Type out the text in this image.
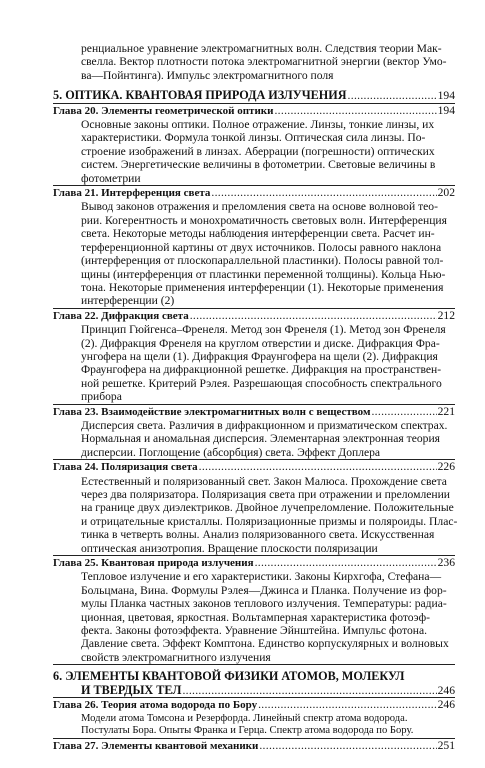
ренциальное уравнение электромагнитных волн. Следствия теории Мак-
свелла. Вектор плотности потока электромагнитной энергии (вектор Умо-
ва—Пойнтинга). Импульс электромагнитного поля
5. ОПТИКА. КВАНТОВАЯ ПРИРОДА ИЗЛУЧЕНИЯ .....	194
Глава 20. Элементы геометрической оптики .....	194
Основные законы оптики. Полное отражение. Линзы, тонкие линзы, их
характеристики. Формула тонкой линзы. Оптическая сила линзы. По-
строение изображений в линзах. Аберрации (погрешности) оптических
систем. Энергетические величины в фотометрии. Световые величины в
фотометрии
Глава 21. Интерференция света .....	202
Вывод законов отражения и преломления света на основе волновой тео-
рии. Когерентность и монохроматичность световых волн. Интерференция
света. Некоторые методы наблюдения интерференции света. Расчет ин-
терференционной картины от двух источников. Полосы равного наклона
(интерференция от плоскопараллельной пластинки). Полосы равной тол-
щины (интерференция от пластинки переменной толщины). Кольца Нью-
тона. Некоторые применения интерференции (1). Некоторые применения
интерференции (2)
Глава 22. Дифракция света .....	212
Принцип Гюйгенса–Френеля. Метод зон Френеля (1). Метод зон Френеля
(2). Дифракция Френеля на круглом отверстии и диске. Дифракция Фра-
унгофера на щели (1). Дифракция Фраунгофера на щели (2). Дифракция
Фраунгофера на дифракционной решетке. Дифракция на пространствен-
ной решетке. Критерий Рэлея. Разрешающая способность спектрального
прибора
Глава 23. Взаимодействие электромагнитных волн с веществом .....	221
Дисперсия света. Различия в дифракционном и призматическом спектрах.
Нормальная и аномальная дисперсия. Элементарная электронная теория
дисперсии. Поглощение (абсорбция) света. Эффект Доплера
Глава 24. Поляризация света .....	226
Естественный и поляризованный свет. Закон Малюса. Прохождение света
через два поляризатора. Поляризация света при отражении и преломлении
на границе двух диэлектриков. Двойное лучепреломление. Положительные
и отрицательные кристаллы. Поляризационные призмы и поляроиды. Плас-
тинка в четверть волны. Анализ поляризованного света. Искусственная
оптическая анизотропия. Вращение плоскости поляризации
Глава 25. Квантовая природа излучения .....	236
Тепловое излучение и его характеристики. Законы Кирхгофа, Стефана—
Больцмана, Вина. Формулы Рэлея—Джинса и Планка. Получение из фор-
мулы Планка частных законов теплового излучения. Температуры: радиа-
ционная, цветовая, яркостная. Вольтамперная характеристика фотоэф-
фекта. Законы фотоэффекта. Уравнение Эйнштейна. Импульс фотона.
Давление света. Эффект Комптона. Единство корпускулярных и волновых
свойств электромагнитного излучения
6. ЭЛЕМЕНТЫ КВАНТОВОЙ ФИЗИКИ АТОМОВ, МОЛЕКУЛ
И ТВЕРДЫХ ТЕЛ .....	246
Глава 26. Теория атома водорода по Бору .....	246
Модели атома Томсона и Резерфорда. Линейный спектр атома водорода.
Постулаты Бора. Опыты Франка и Герца. Спектр атома водорода по Бору.
Глава 27. Элементы квантовой механики .....	251
